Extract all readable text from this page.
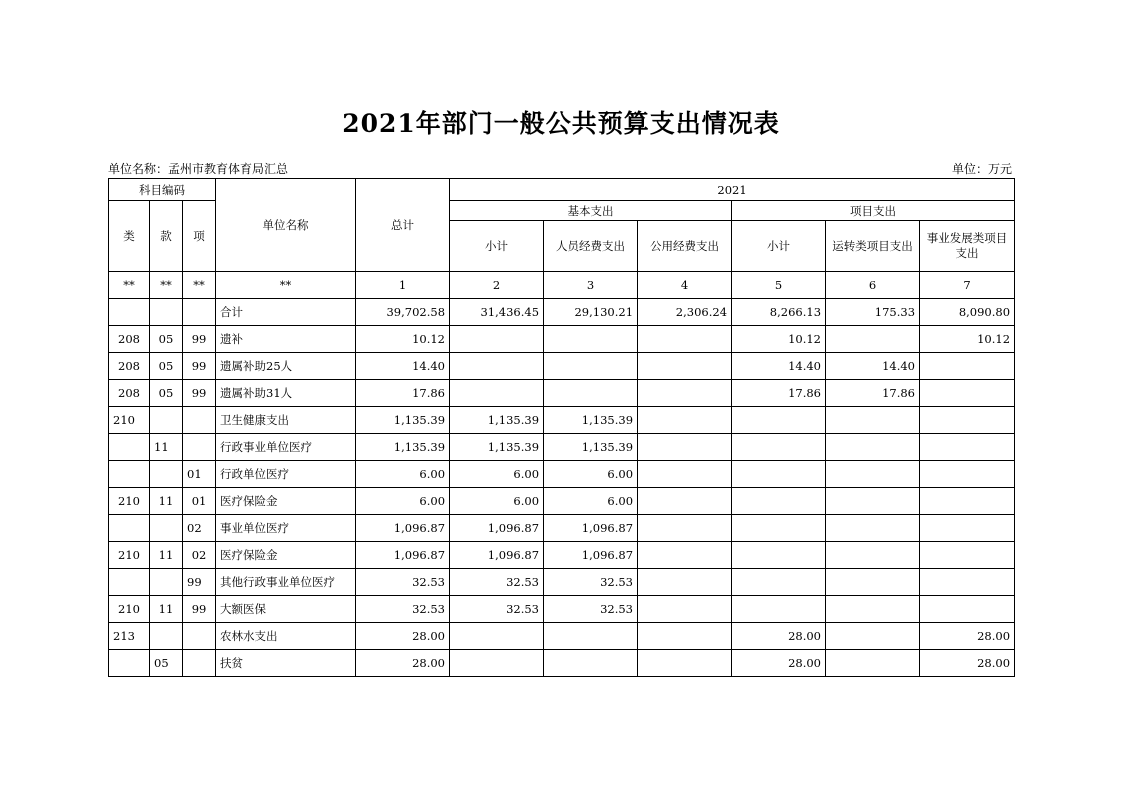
2021年部门一般公共预算支出情况表
单位名称：孟州市教育体育局汇总	单位：万元
科目编码			单位名称	总计	2021					
类	款	项			基本支出			项目支出		
					小计	人员经费支出	公用经费支出	小计	运转类项目支出	事业发展类项目支出
**	**	**	**	1	2	3	4	5	6	7
			合计	39,702.58	31,436.45	29,130.21	2,306.24	8,266.13	175.33	8,090.80
208	05	99	遗补	10.12				10.12		10.12
208	05	99	遗属补助25人	14.40				14.40	14.40	
208	05	99	遗属补助31人	17.86				17.86	17.86	
210			卫生健康支出	1,135.39	1,135.39	1,135.39				
	11		行政事业单位医疗	1,135.39	1,135.39	1,135.39				
		01	行政单位医疗	6.00	6.00	6.00				
210	11	01	医疗保险金	6.00	6.00	6.00				
		02	事业单位医疗	1,096.87	1,096.87	1,096.87				
210	11	02	医疗保险金	1,096.87	1,096.87	1,096.87				
		99	其他行政事业单位医疗	32.53	32.53	32.53				
210	11	99	大额医保	32.53	32.53	32.53				
213			农林水支出	28.00				28.00		28.00
	05		扶贫	28.00				28.00		28.00
